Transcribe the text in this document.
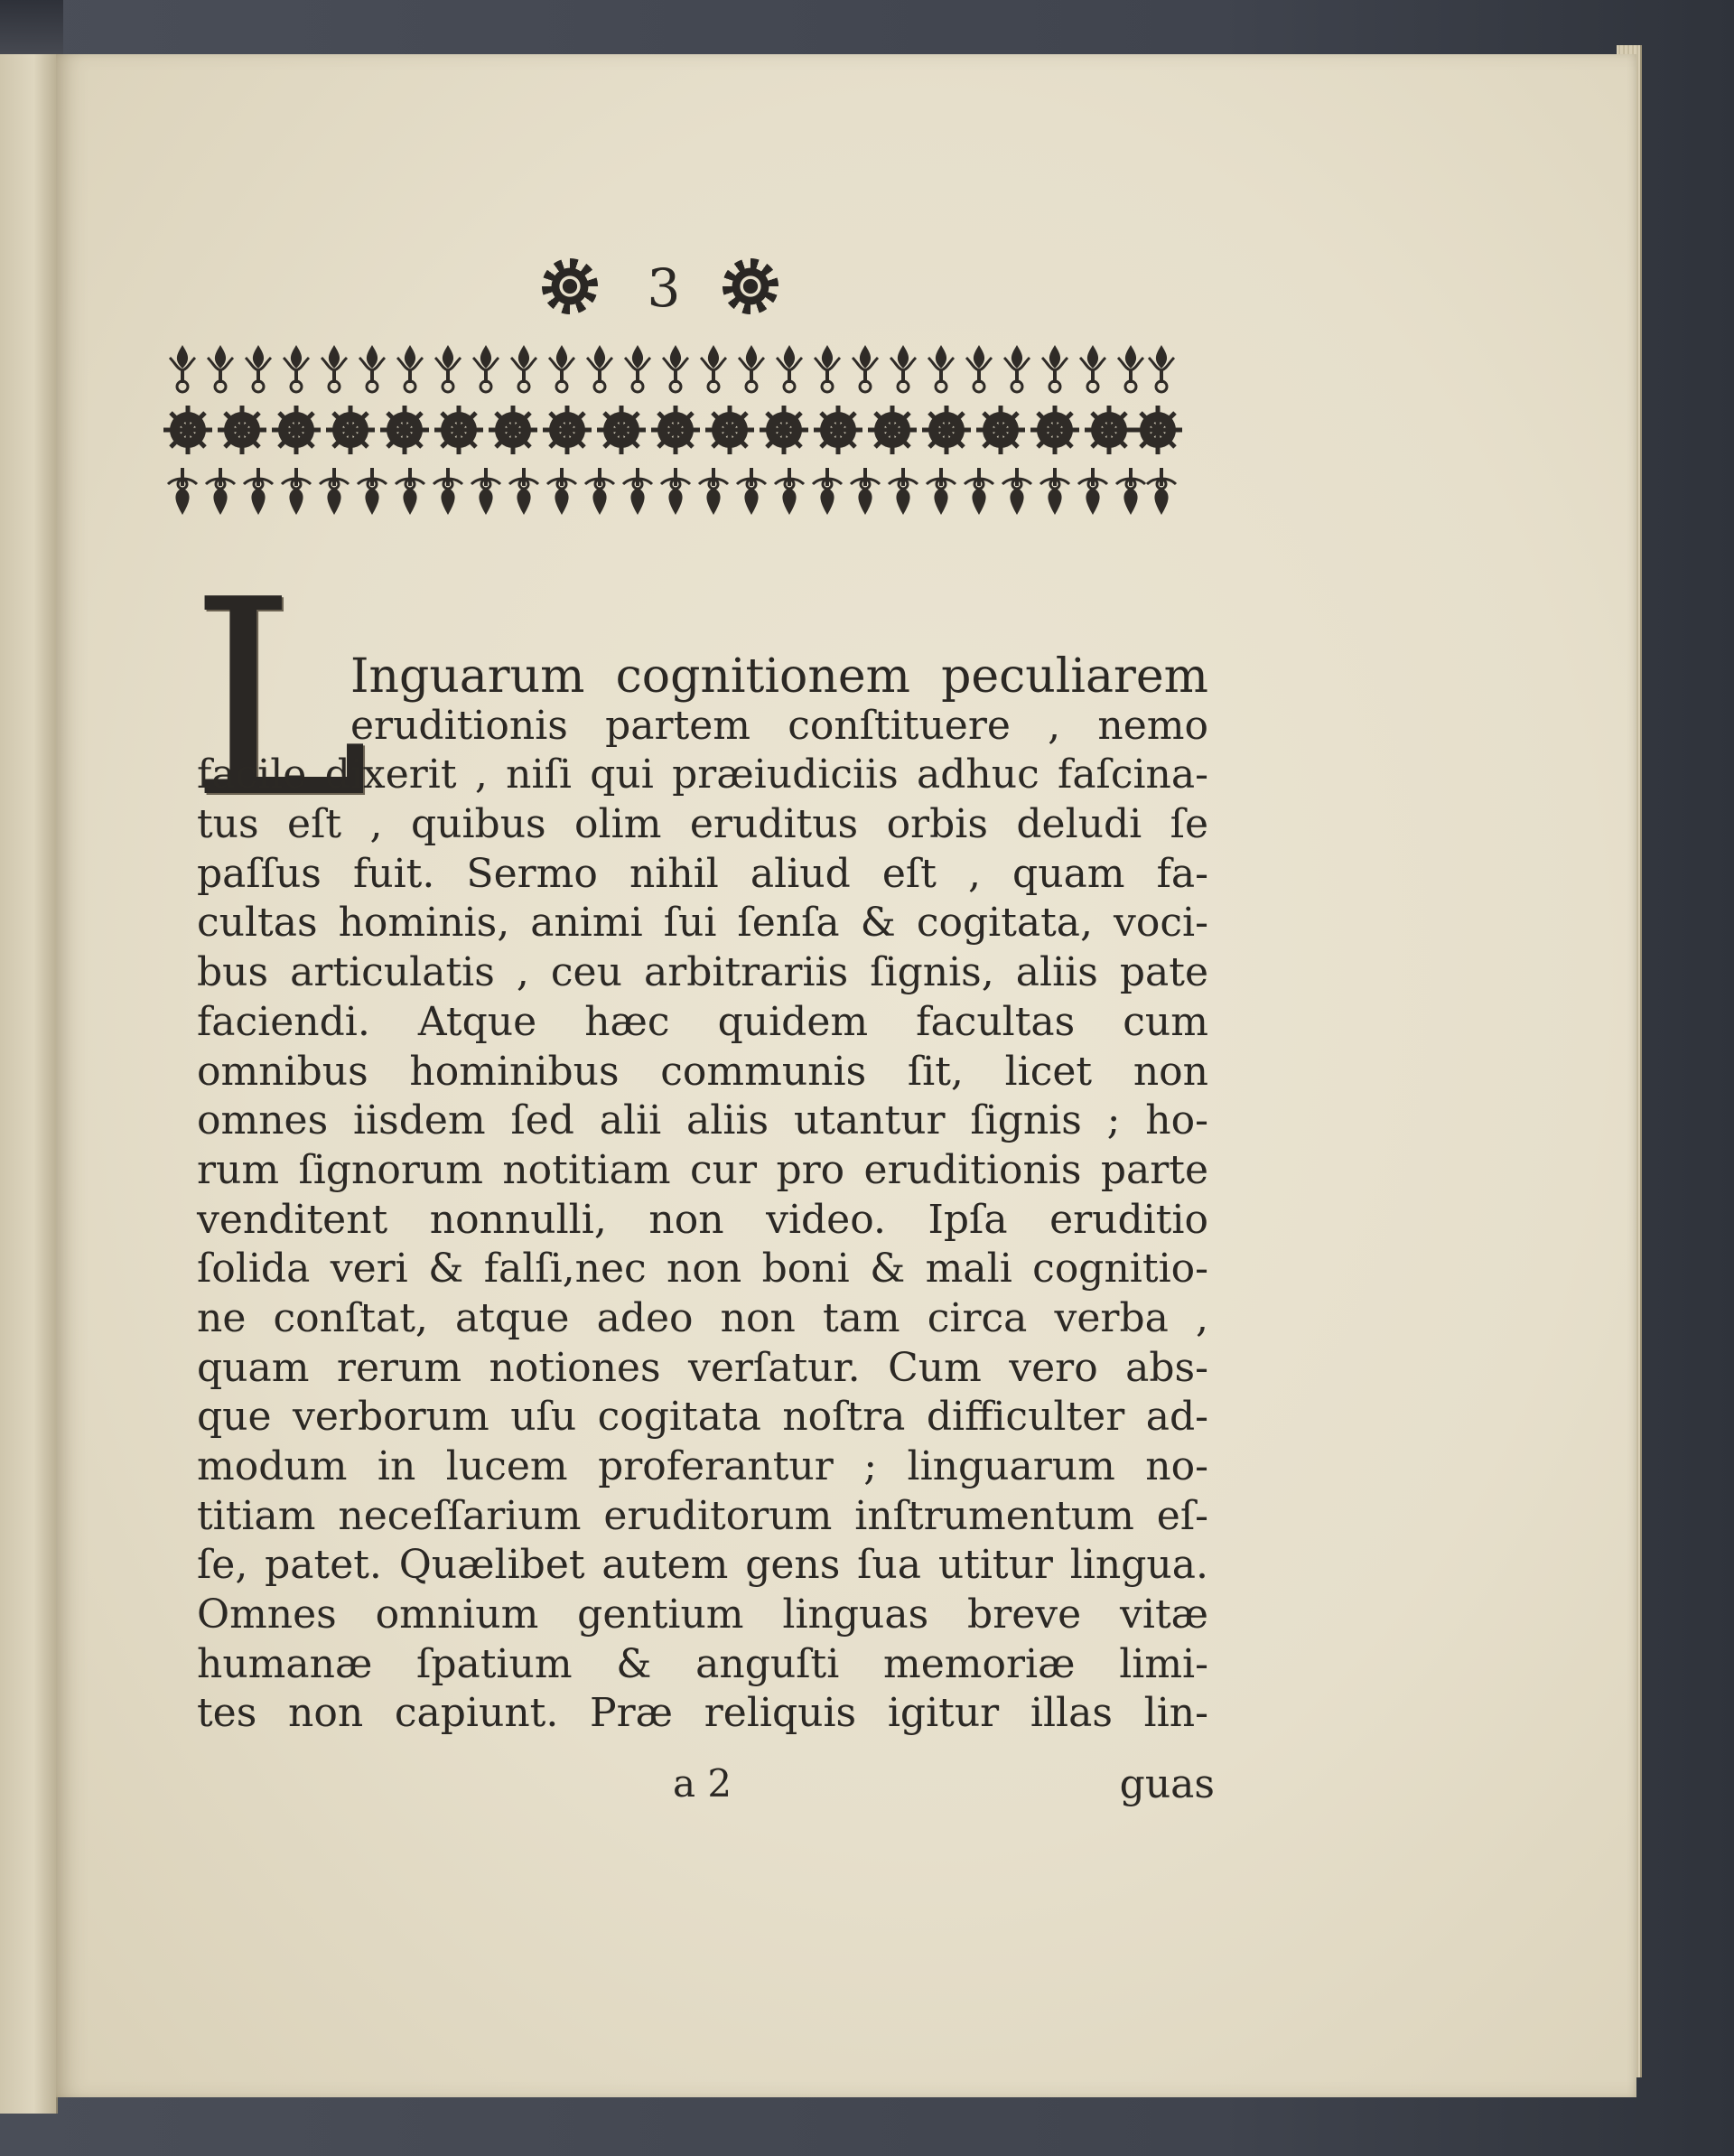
3
L
Inguarum cognitionem peculiarem
eruditionis partem conſtituere , nemo
facile dixerit , niſi qui præiudiciis adhuc faſcina-
tus eſt , quibus olim eruditus orbis deludi ſe
paſſus fuit. Sermo nihil aliud eſt , quam fa-
cultas hominis, animi ſui ſenſa & cogitata, voci-
bus articulatis , ceu arbitrariis ſignis, aliis pate
faciendi. Atque hæc quidem facultas cum
omnibus hominibus communis ſit, licet non
omnes iisdem ſed alii aliis utantur ſignis ; ho-
rum ſignorum notitiam cur pro eruditionis parte
venditent nonnulli, non video. Ipſa eruditio
ſolida veri & falſi,nec non boni & mali cognitio-
ne conſtat, atque adeo non tam circa verba ,
quam rerum notiones verſatur. Cum vero abs-
que verborum uſu cogitata noſtra difficulter ad-
modum in lucem proferantur ; linguarum no-
titiam neceſſarium eruditorum inſtrumentum eſ-
ſe, patet. Quælibet autem gens ſua utitur lingua.
Omnes omnium gentium linguas breve vitæ
humanæ ſpatium & anguſti memoriæ limi-
tes non capiunt. Præ reliquis igitur illas lin-
a 2	guas
